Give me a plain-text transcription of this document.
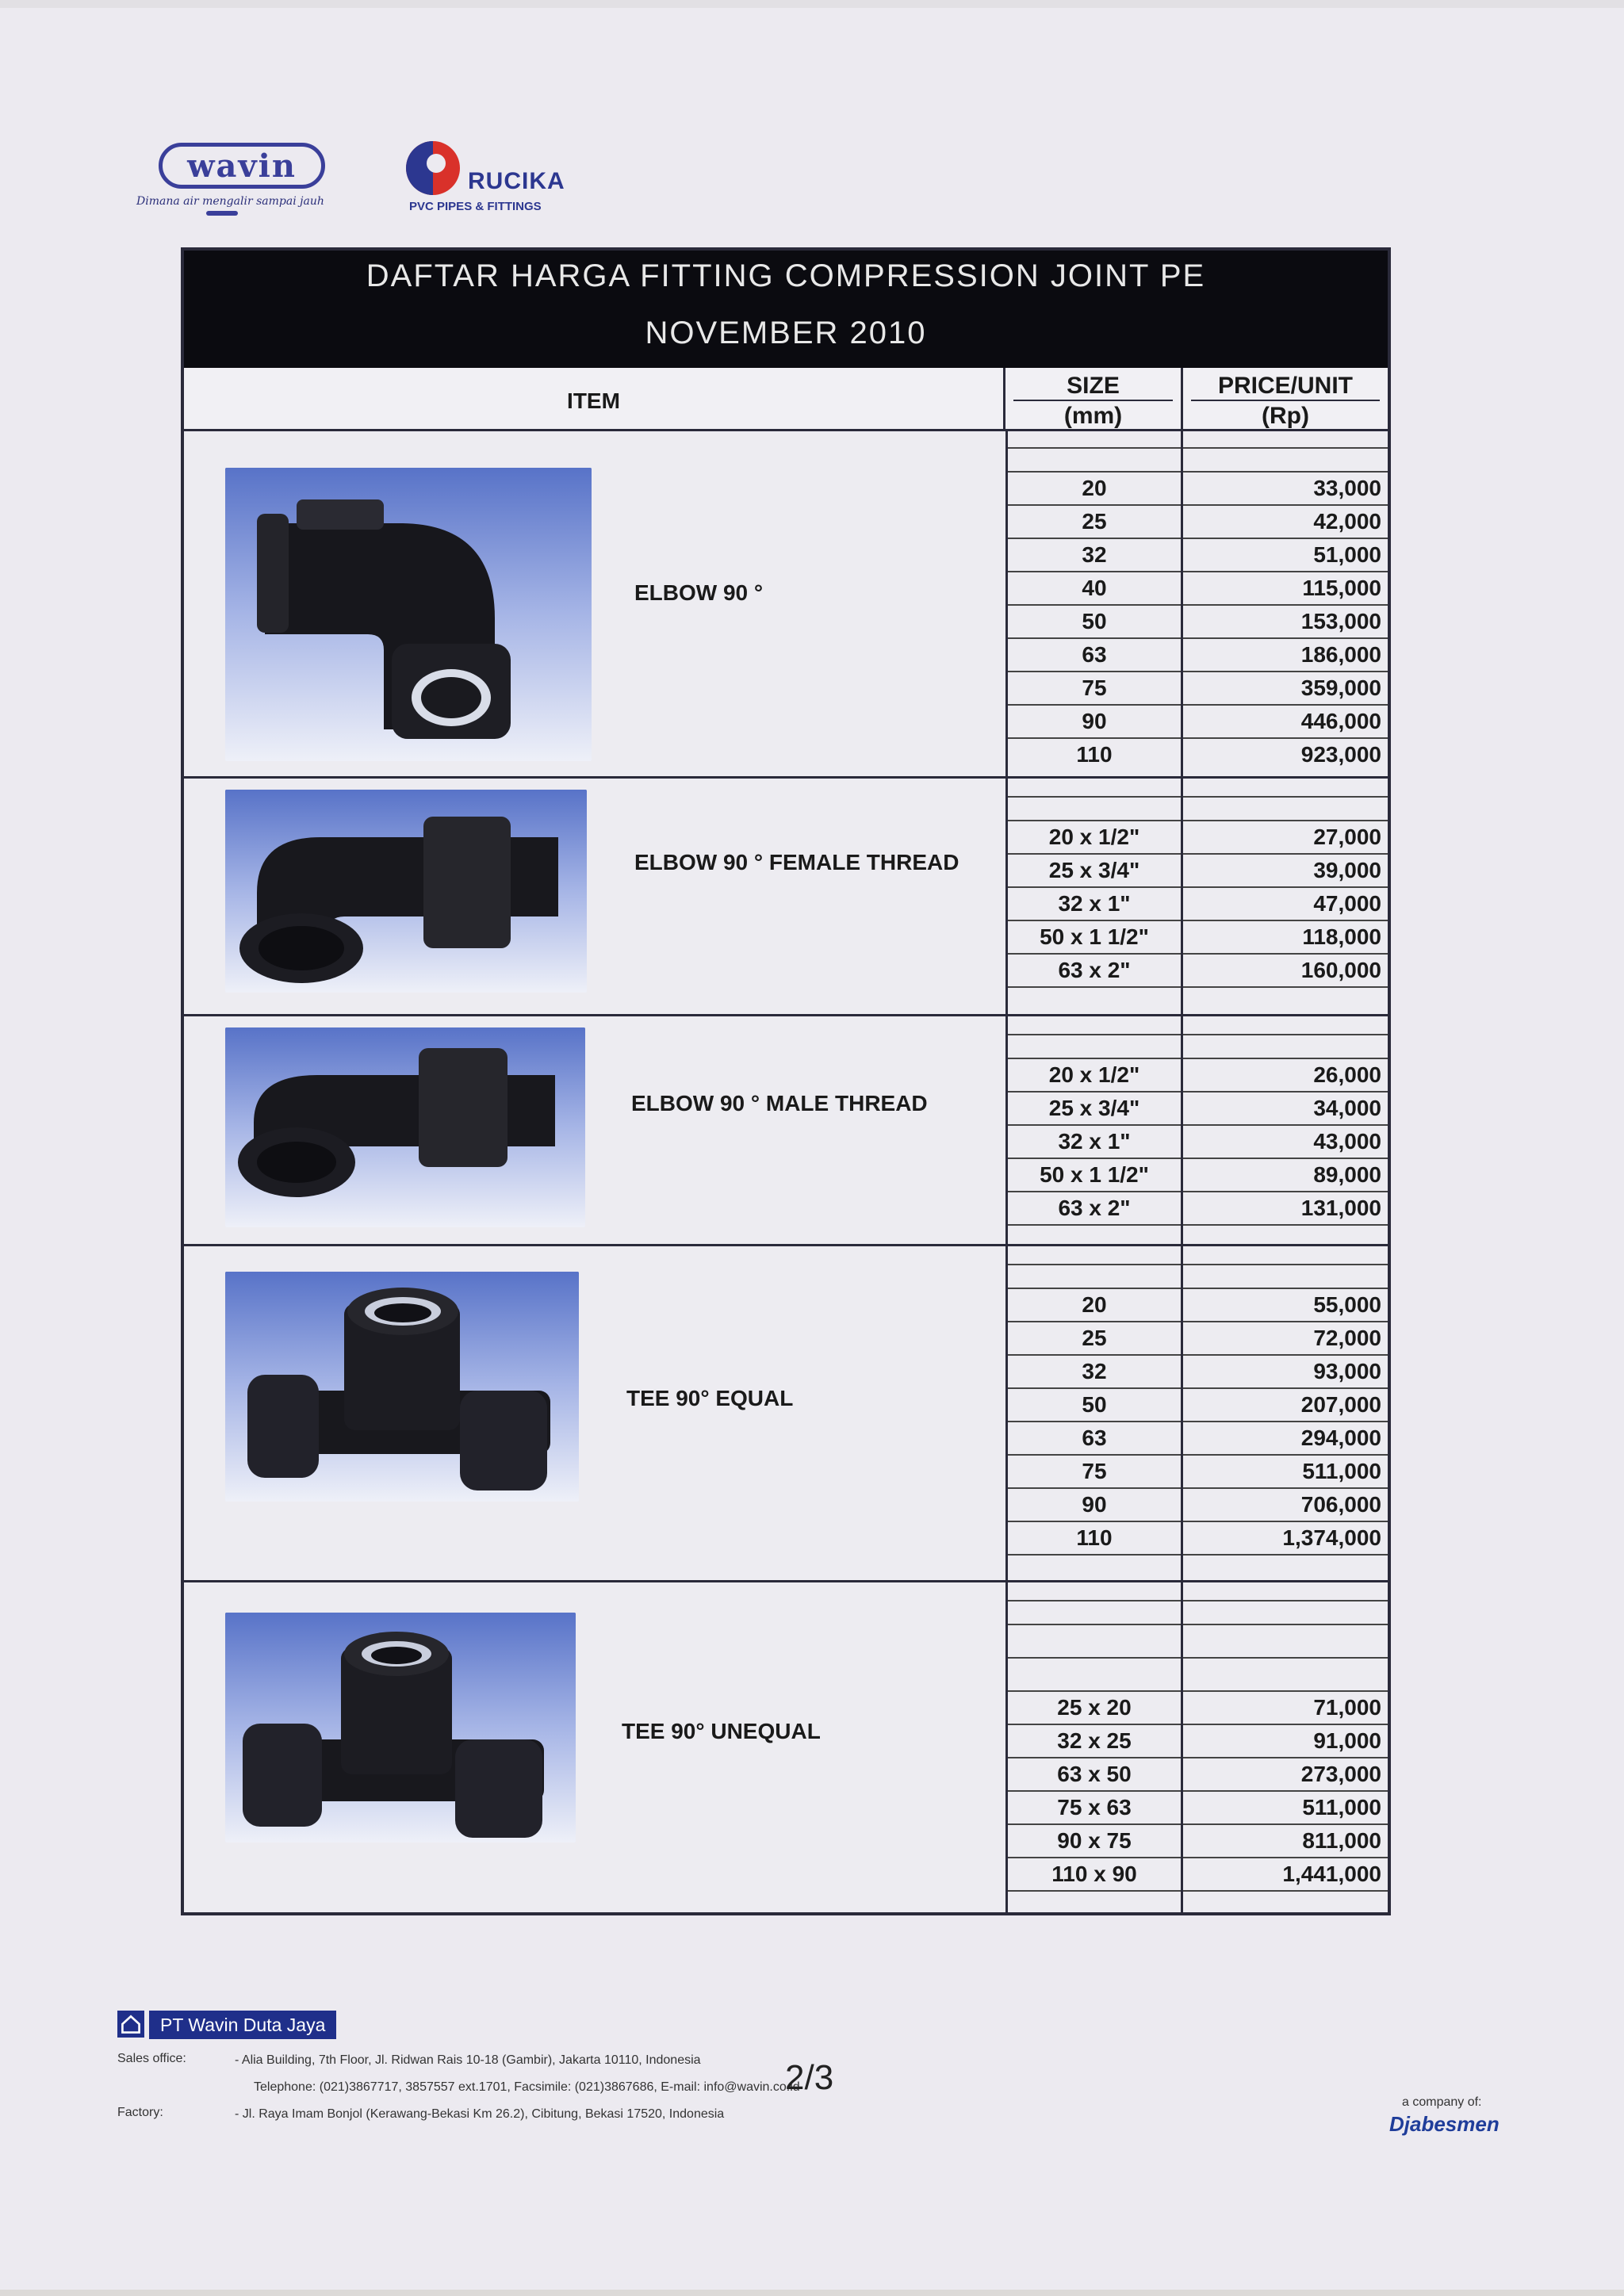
wavin
Dimana air mengalir sampai jauh
RUCIKA
PVC PIPES & FITTINGS
DAFTAR HARGA FITTING COMPRESSION JOINT PE
NOVEMBER 2010
ITEM
SIZE
(mm)
PRICE/UNIT
(Rp)
ELBOW 90 °
20
25
32
40
50
63
75
90
110
33,000
42,000
51,000
115,000
153,000
186,000
359,000
446,000
923,000
ELBOW 90 ° FEMALE THREAD
20 x 1/2"
25 x 3/4"
32 x 1"
50 x 1 1/2"
63 x 2"
27,000
39,000
47,000
118,000
160,000
ELBOW 90 ° MALE THREAD
20 x 1/2"
25 x 3/4"
32 x 1"
50 x 1 1/2"
63 x 2"
26,000
34,000
43,000
89,000
131,000
TEE 90° EQUAL
20
25
32
50
63
75
90
110
55,000
72,000
93,000
207,000
294,000
511,000
706,000
1,374,000
TEE 90° UNEQUAL
25 x 20
32 x 25
63 x 50
75 x 63
90 x 75
110 x 90
71,000
91,000
273,000
511,000
811,000
1,441,000
PT Wavin Duta Jaya
Sales office:	- Alia Building, 7th Floor, Jl. Ridwan Rais 10-18 (Gambir), Jakarta 10110, Indonesia
Telephone: (021)3867717, 3857557 ext.1701, Facsimile: (021)3867686, E-mail: info@wavin.co.id
Factory:	- Jl. Raya Imam Bonjol (Kerawang-Bekasi Km 26.2), Cibitung, Bekasi 17520, Indonesia
2/3
a company of:
Djabesmen
